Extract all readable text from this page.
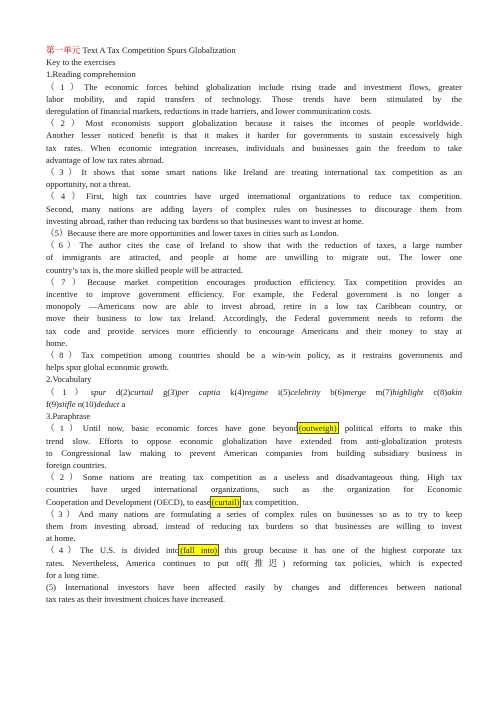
第一单元 Text A Tax Competition Spurs Globalization
Key to the exercises
1.Reading comprehension
（1）The economic forces behind globalization include rising trade and investment flows, greater
labor mobility, and rapid transfers of technology. Those trends have been stimulated by the
deregulation of financial markets, reductions in trade barriers, and lower communication costs.
（2）Most economists support globalization because it raises the incomes of people worldwide.
Another lesser noticed benefit is that it makes it harder for governments to sustain excessively high
tax rates. When economic integration increases, individuals and businesses gain the freedom to take
advantage of low tax rates abroad.
（3）It shows that some smart nations like Ireland are treating international tax competition as an
opportunity, not a threat.
（4）First, high tax countries have urged international organizations to reduce tax competition.
Second, many nations are adding layers of complex rules on businesses to discourage them from
investing abroad, rather than reducing tax burdens so that businesses want to invest at home.
（5）Because there are more opportunities and lower taxes in cities such as London.
（6）The author cites the case of Ireland to show that with the reduction of taxes, a large number
of immigrants are attracted, and people at home are unwilling to migrate out. The lower one
country’s tax is, the more skilled people will be attracted.
（7）Because market competition encourages production efficiency. Tax competition provides an
incentive to improve government efficiency. For example, the Federal government is no longer a
monopoly —Americans now are able to invest abroad, retire in a low tax Caribbean country, or
move their business to low tax Ireland. Accordingly, the Federal government needs to reform the
tax code and provide services more efficiently to encourage Americans and their money to stay at
home.
（8）Tax competition among countries should be a win-win policy, as it restrains governments and
helps spur global economic growth.
2.Vocabulary
（1）spur d(2)curtail g(3)per captia k(4)regime i(5)celebrity b(6)merge m(7)highlight c(8)akin
f(9)stifle n(10)deduct a
3.Paraphrase
（1）Until now, basic economic forces have gone beyond(outweigh) political efforts to make this
trend slow. Efforts to oppose economic globalization have extended from anti-globalization protests
to Congressional law making to prevent American companies from building subsidiary business in
foreign countries.
（2）Some nations are treating tax competition as a useless and disadvantageous thing. High tax
countries have urged international organizations, such as the organization for Economic
Cooperation and Development (OECD), to ease(curtail) tax competition.
（3）And many nations are formulating a series of complex rules on businesses so as to try to keep
them from investing abroad, instead of reducing tax burdens so that businesses are willing to invest
at home.
（4）The U.S. is divided into(fall into) this group because it has one of the highest corporate tax
rates. Nevertheless, America continues to put off(推迟) reforming tax policies, which is expected
for a long time.
(5) International investors have been affected easily by changes and differences between national
tax rates as their investment choices have increased.
